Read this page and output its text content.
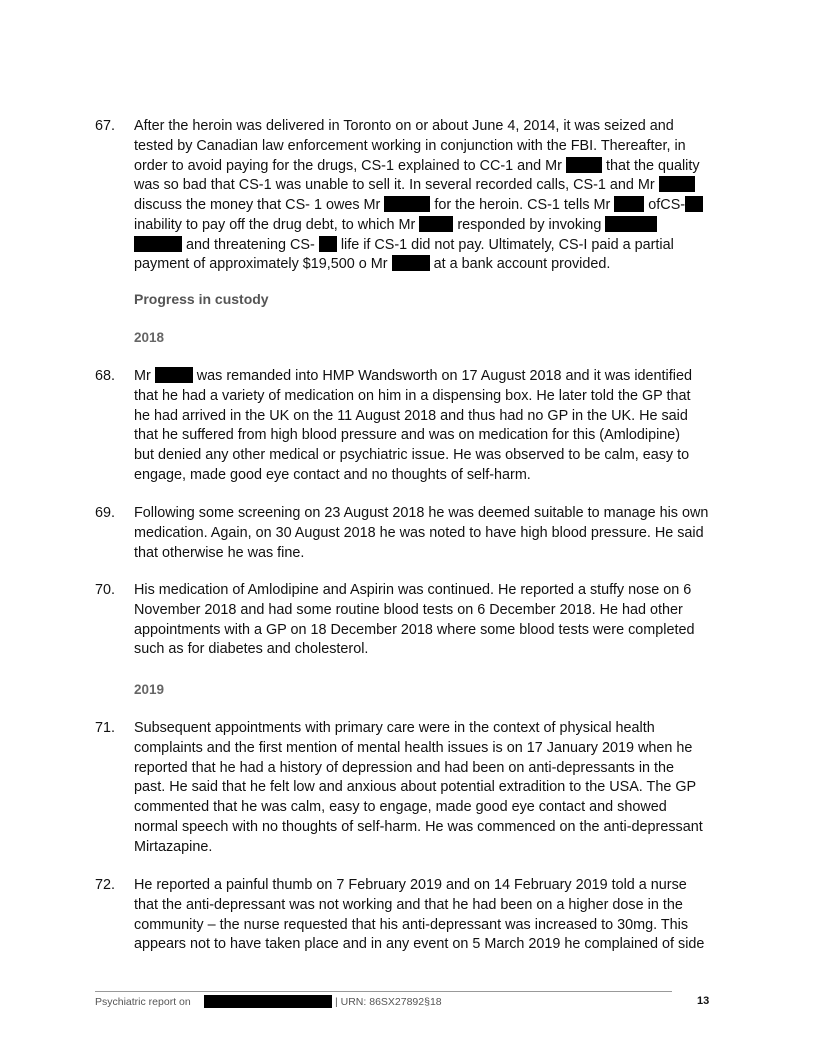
67. After the heroin was delivered in Toronto on or about June 4, 2014, it was seized and
tested by Canadian law enforcement working in conjunction with the FBI. Thereafter, in
order to avoid paying for the drugs, CS-1 explained to CC-1 and Mr	that the quality
was so bad that CS-1 was unable to sell it. In several recorded calls, CS-1 and Mr
discuss the money that CS- 1 owes Mr	for the heroin. CS-1 tells Mr	ofCS-
inability to pay off the drug debt, to which Mr	responded by invoking
and threatening CS- life if CS-1 did not pay. Ultimately, CS-I paid a partial
payment of approximately $19,500 o Mr	at a bank account provided.
Progress in custody
2018
68. Mr	was remanded into HMP Wandsworth on 17 August 2018 and it was identified
that he had a variety of medication on him in a dispensing box. He later told the GP that
he had arrived in the UK on the 11 August 2018 and thus had no GP in the UK. He said
that he suffered from high blood pressure and was on medication for this (Amlodipine)
but denied any other medical or psychiatric issue. He was observed to be calm, easy to
engage, made good eye contact and no thoughts of self-harm.
69. Following some screening on 23 August 2018 he was deemed suitable to manage his own
medication. Again, on 30 August 2018 he was noted to have high blood pressure. He said
that otherwise he was fine.
70. His medication of Amlodipine and Aspirin was continued. He reported a stuffy nose on 6
November 2018 and had some routine blood tests on 6 December 2018. He had other
appointments with a GP on 18 December 2018 where some blood tests were completed
such as for diabetes and cholesterol.
2019
71. Subsequent appointments with primary care were in the context of physical health
complaints and the first mention of mental health issues is on 17 January 2019 when he
reported that he had a history of depression and had been on anti-depressants in the
past. He said that he felt low and anxious about potential extradition to the USA. The GP
commented that he was calm, easy to engage, made good eye contact and showed
normal speech with no thoughts of self-harm. He was commenced on the anti-depressant
Mirtazapine.
72. He reported a painful thumb on 7 February 2019 and on 14 February 2019 told a nurse
that the anti-depressant was not working and that he had been on a higher dose in the
community – the nurse requested that his anti-depressant was increased to 30mg. This
appears not to have taken place and in any event on 5 March 2019 he complained of side
Psychiatric report on	| URN: 86SX27892§18	13
